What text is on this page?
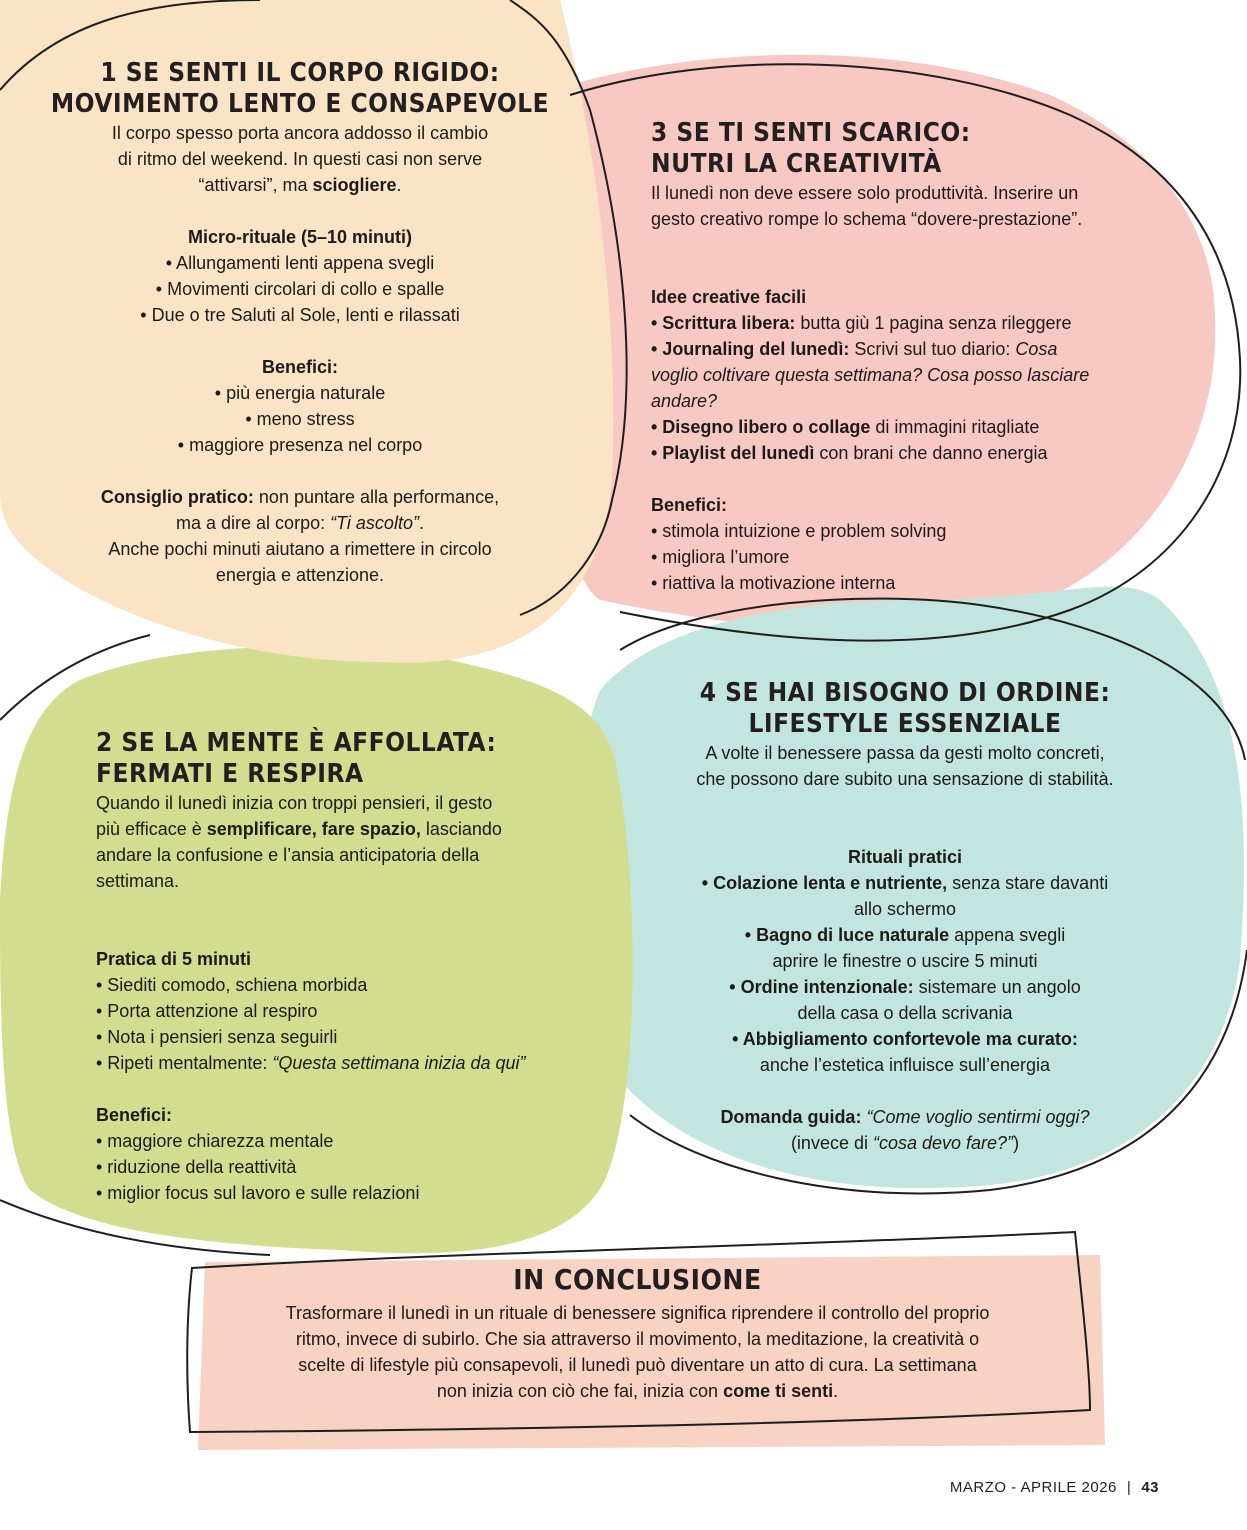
1 SE SENTI IL CORPO RIGIDO:
MOVIMENTO LENTO E CONSAPEVOLE
Il corpo spesso porta ancora addosso il cambio
di ritmo del weekend. In questi casi non serve
“attivarsi”, ma sciogliere.
Micro-rituale (5–10 minuti)
• Allungamenti lenti appena svegli
• Movimenti circolari di collo e spalle
• Due o tre Saluti al Sole, lenti e rilassati
Benefici:
• più energia naturale
• meno stress
• maggiore presenza nel corpo
Consiglio pratico: non puntare alla performance,
ma a dire al corpo: “Ti ascolto”.
Anche pochi minuti aiutano a rimettere in circolo
energia e attenzione.
3 SE TI SENTI SCARICO:
NUTRI LA CREATIVITÀ
Il lunedì non deve essere solo produttività. Inserire un
gesto creativo rompe lo schema “dovere-prestazione”.
Idee creative facili
• Scrittura libera: butta giù 1 pagina senza rileggere
• Journaling del lunedì: Scrivi sul tuo diario: Cosa
voglio coltivare questa settimana? Cosa posso lasciare
andare?
• Disegno libero o collage di immagini ritagliate
• Playlist del lunedì con brani che danno energia
Benefici:
• stimola intuizione e problem solving
• migliora l’umore
• riattiva la motivazione interna
2 SE LA MENTE È AFFOLLATA:
FERMATI E RESPIRA
Quando il lunedì inizia con troppi pensieri, il gesto
più efficace è semplificare, fare spazio, lasciando
andare la confusione e l’ansia anticipatoria della
settimana.
Pratica di 5 minuti
• Siediti comodo, schiena morbida
• Porta attenzione al respiro
• Nota i pensieri senza seguirli
• Ripeti mentalmente: “Questa settimana inizia da qui”
Benefici:
• maggiore chiarezza mentale
• riduzione della reattività
• miglior focus sul lavoro e sulle relazioni
4 SE HAI BISOGNO DI ORDINE:
LIFESTYLE ESSENZIALE
A volte il benessere passa da gesti molto concreti,
che possono dare subito una sensazione di stabilità.
Rituali pratici
• Colazione lenta e nutriente, senza stare davanti
allo schermo
• Bagno di luce naturale appena svegli
aprire le finestre o uscire 5 minuti
• Ordine intenzionale: sistemare un angolo
della casa o della scrivania
• Abbigliamento confortevole ma curato:
anche l’estetica influisce sull’energia
Domanda guida: “Come voglio sentirmi oggi?
(invece di “cosa devo fare?”)
IN CONCLUSIONE
Trasformare il lunedì in un rituale di benessere significa riprendere il controllo del proprio
ritmo, invece di subirlo. Che sia attraverso il movimento, la meditazione, la creatività o
scelte di lifestyle più consapevoli, il lunedì può diventare un atto di cura. La settimana
non inizia con ciò che fai, inizia con come ti senti.
MARZO - APRILE 2026 | 43
